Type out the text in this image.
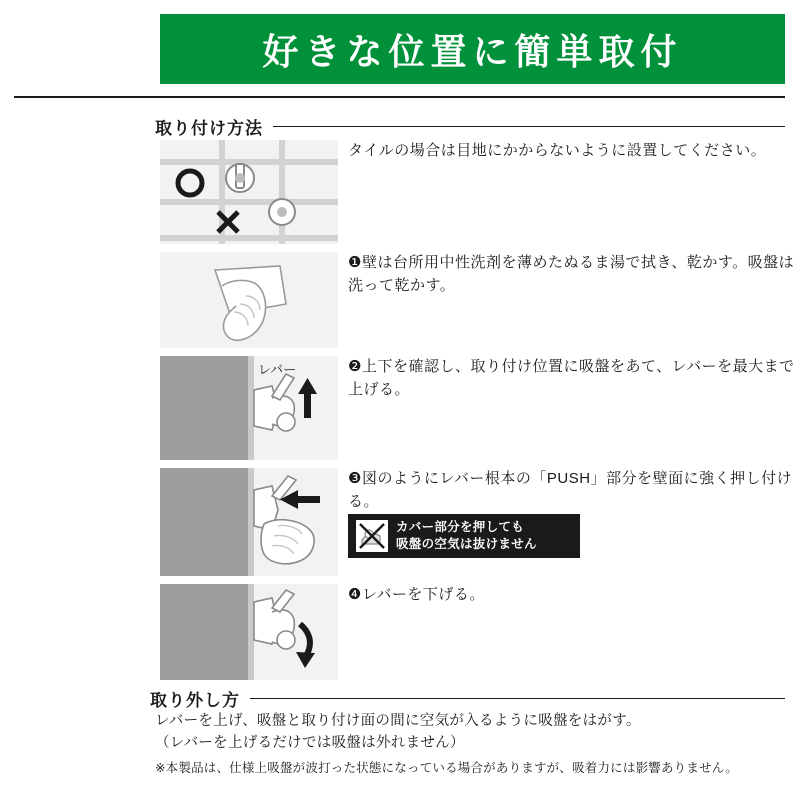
好きな位置に簡単取付
取り付け方法
タイルの場合は目地にかからないように設置してください。
❶壁は台所用中性洗剤を薄めたぬるま湯で拭き、乾かす。吸盤は洗って乾かす。
レバー	❷上下を確認し、取り付け位置に吸盤をあて、レバーを最大まで上げる。
❸図のようにレバー根本の「PUSH」部分を壁面に強く押し付ける。
カバー部分を押しても
吸盤の空気は抜けません
❹レバーを下げる。
取り外し方
レバーを上げ、吸盤と取り付け面の間に空気が入るように吸盤をはがす。
（レバーを上げるだけでは吸盤は外れません）
※本製品は、仕様上吸盤が波打った状態になっている場合がありますが、吸着力には影響ありません。
